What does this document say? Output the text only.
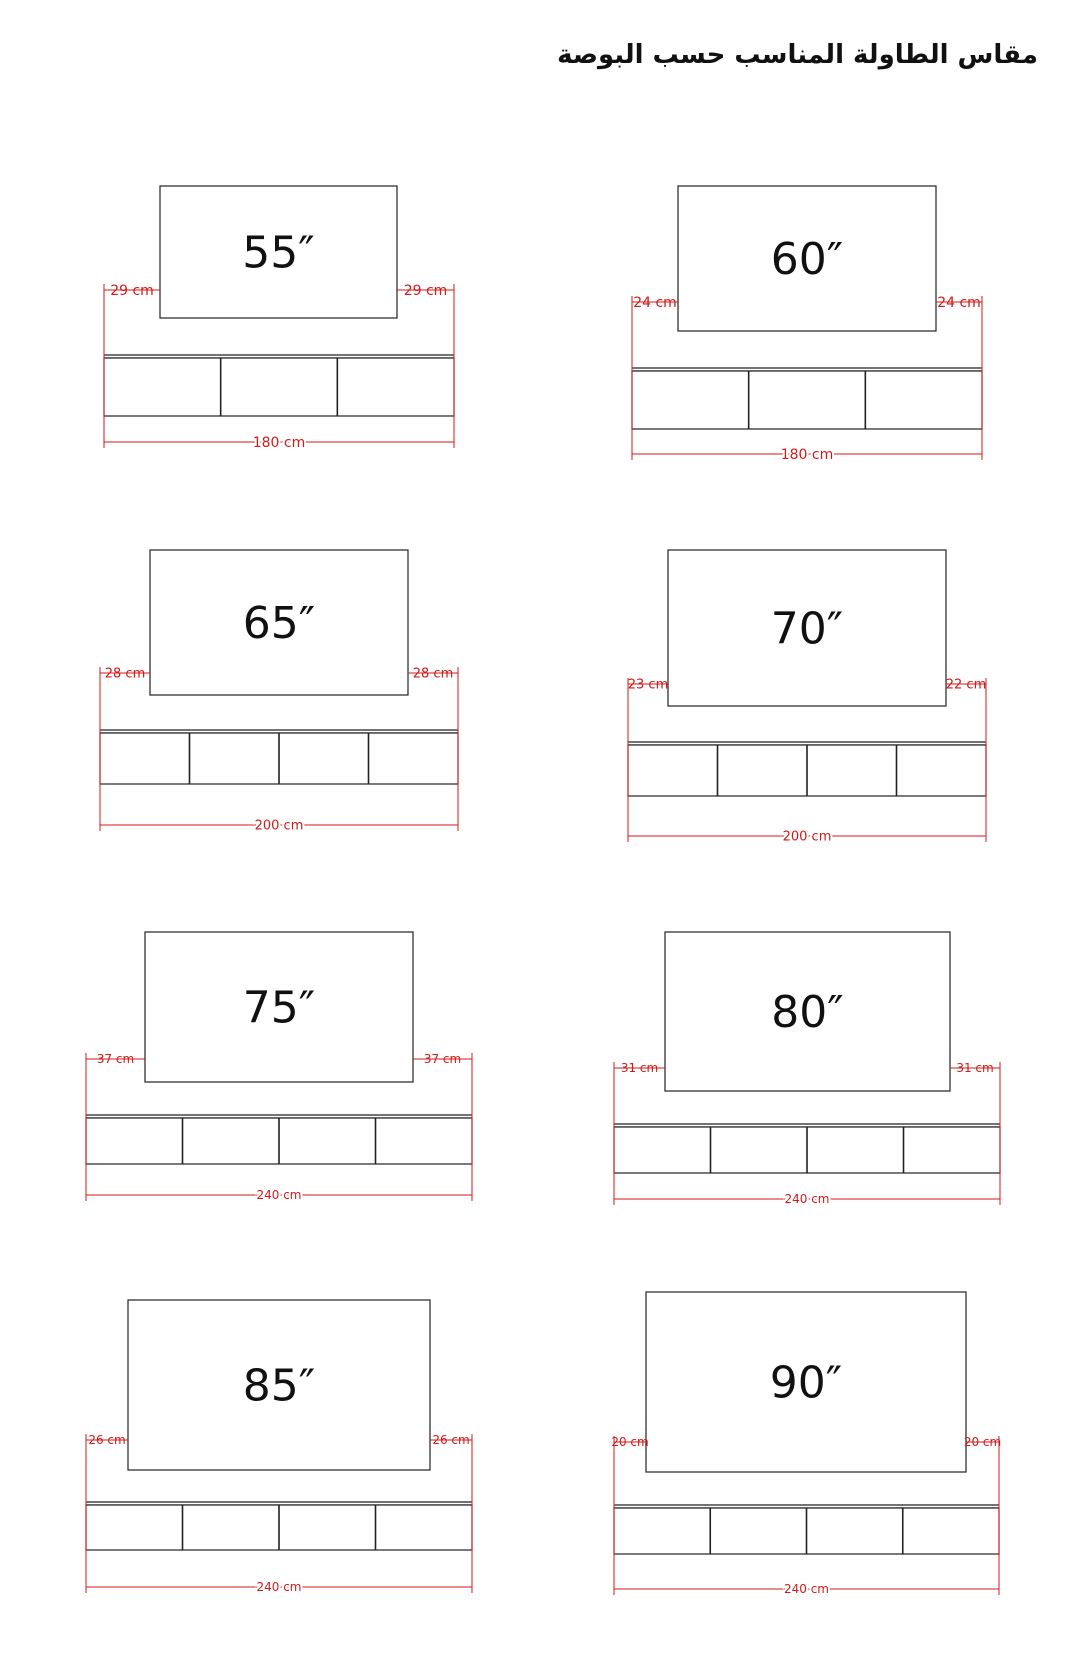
مقاس الطاولة المناسب حسب البوصة
55″
29 cm	29 cm
180 cm
60″
24 cm	24 cm
180 cm
65″
28 cm	28 cm
200 cm
70″
23 cm	22 cm
200 cm
75″
37 cm	37 cm
240 cm
80″
31 cm	31 cm
240 cm
85″
26 cm	26 cm
240 cm
90″
20 cm	20 cm
240 cm
